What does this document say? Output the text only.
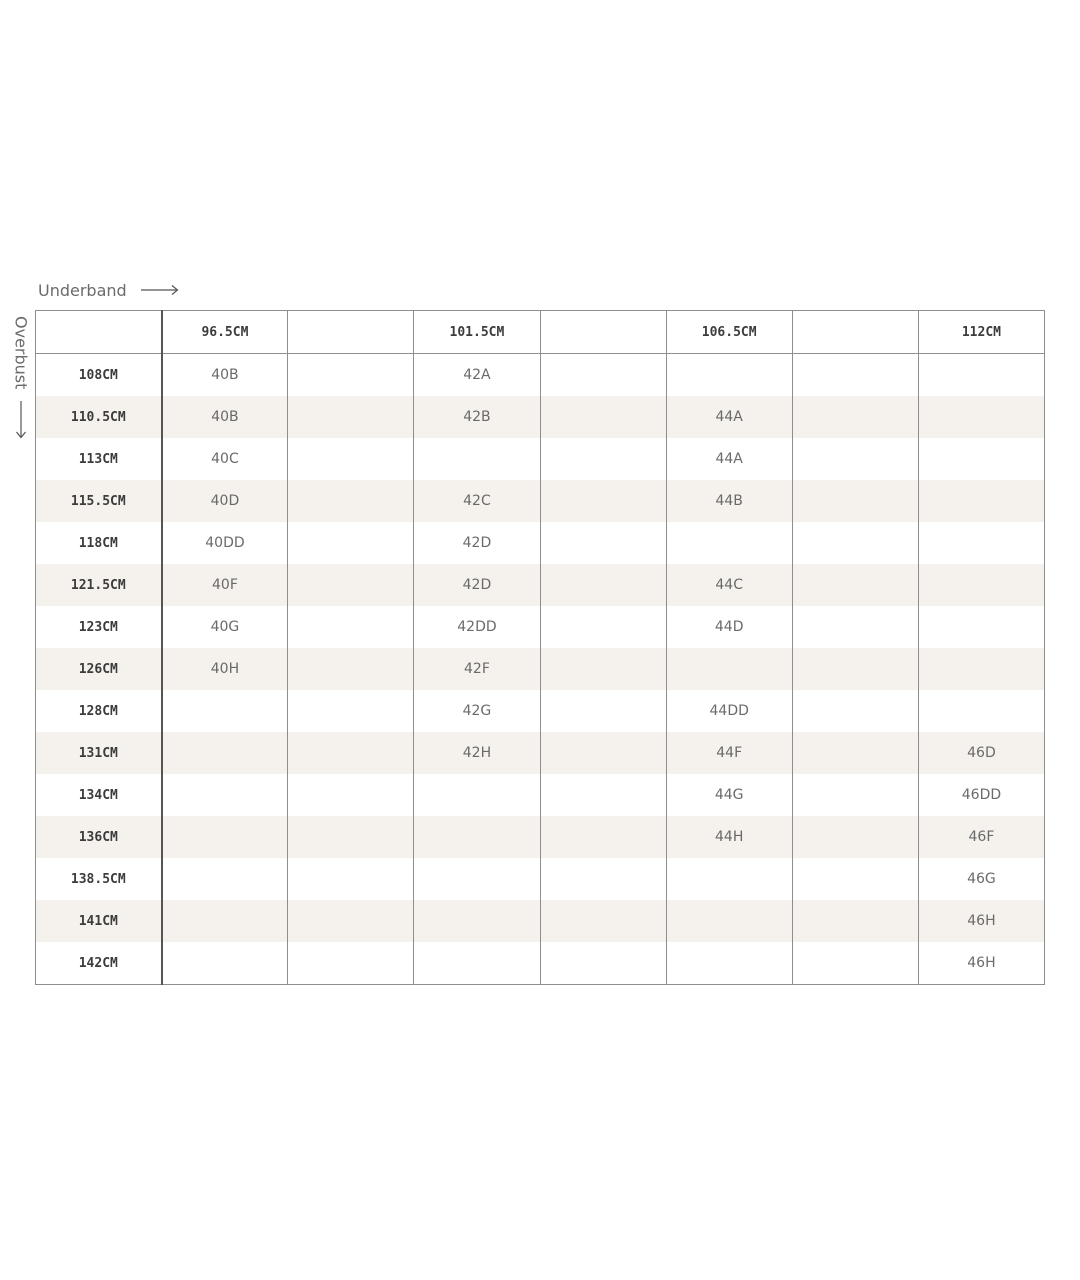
Underband
Overbust
		96.5CM		101.5CM		106.5CM		112CM
108CM	40B		42A				
110.5CM	40B		42B		44A		
113CM	40C				44A		
115.5CM	40D		42C		44B		
118CM	40DD		42D				
121.5CM	40F		42D		44C		
123CM	40G		42DD		44D		
126CM	40H		42F				
128CM			42G		44DD		
131CM			42H		44F		46D
134CM					44G		46DD
136CM					44H		46F
138.5CM							46G
141CM							46H
142CM							46H
